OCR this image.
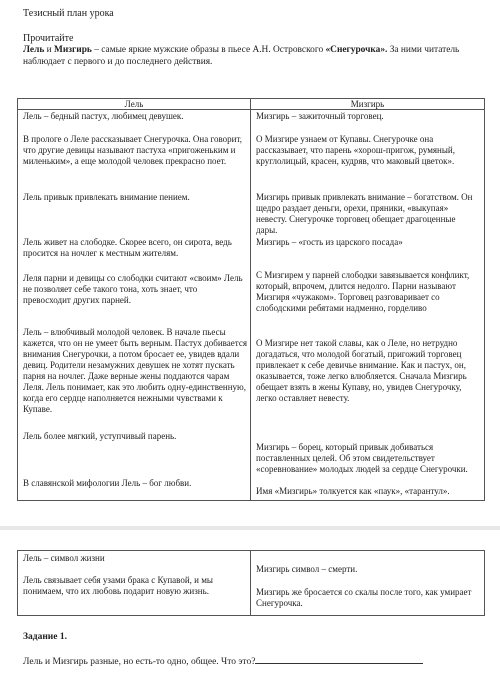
Тезисный план урока
Прочитайте
Лель и Мизгирь – самые яркие мужские образы в пьесе А.Н. Островского «Снегурочка». За ними читатель наблюдает с первого и до последнего действия.
Лель	Мизгирь
Лель – бедный пастух, любимец девушек.
В прологе о Леле рассказывает Снегурочка. Она говорит, что другие девицы называют пастуха «пригоженьким и миленьким», а еще молодой человек прекрасно поет.
Лель привык привлекать внимание пением.
Лель живет на слободке. Скорее всего, он сирота, ведь просится на ночлег к местным жителям.
Леля парни и девицы со слободки считают «своим» Лель не позволяет себе такого тона, хоть знает, что превосходит других парней.
Лель – влюбчивый молодой человек. В начале пьесы кажется, что он не умеет быть верным. Пастух добивается внимания Снегурочки, а потом бросает ее, увидев вдали девиц. Родители незамужних девушек не хотят пускать парня на ночлег. Даже верные жены поддаются чарам Леля. Лель понимает, как это любить одну-единственную, когда его сердце наполняется нежными чувствами к Купаве.
Лель более мягкий, уступчивый парень.
В славянской мифологии Лель – бог любви.
Мизгирь – зажиточный торговец.
О Мизгире узнаем от Купавы. Снегурочке она рассказывает, что парень «хорош-пригож, румяный, круглолицый, красен, кудряв, что маковый цветок».
Мизгирь привык привлекать внимание – богатством. Он щедро раздает деньги, орехи, пряники, «выкупая» невесту. Снегурочке торговец обещает драгоценные дары.
Мизгирь – «гость из царского посада»
С Мизгирем у парней слободки завязывается конфликт, который, впрочем, длится недолго. Парни называют Мизгиря «чужаком». Торговец разговаривает со слободскими ребятами надменно, горделиво
О Мизгире нет такой славы, как о Леле, но нетрудно догадаться, что молодой богатый, пригожий торговец привлекает к себе девичье внимание. Как и пастух, он, оказывается, тоже легко влюбляется. Сначала Мизгирь обещает взять в жены Купаву, но, увидев Снегурочку, легко оставляет невесту.
Мизгирь – борец, который привык добиваться поставленных целей. Об этом свидетельствует «соревнование» молодых людей за сердце Снегурочки.
Имя «Мизгирь» толкуется как «паук», «тарантул».
Лель – символ жизни
Лель связывает себя узами брака с Купавой, и мы понимаем, что их любовь подарит новую жизнь.
Мизгирь символ – смерти.
Мизгирь же бросается со скалы после того, как умирает Снегурочка.
Задание 1.
Лель и Мизгирь разные, но есть-то одно, общее. Что это?
